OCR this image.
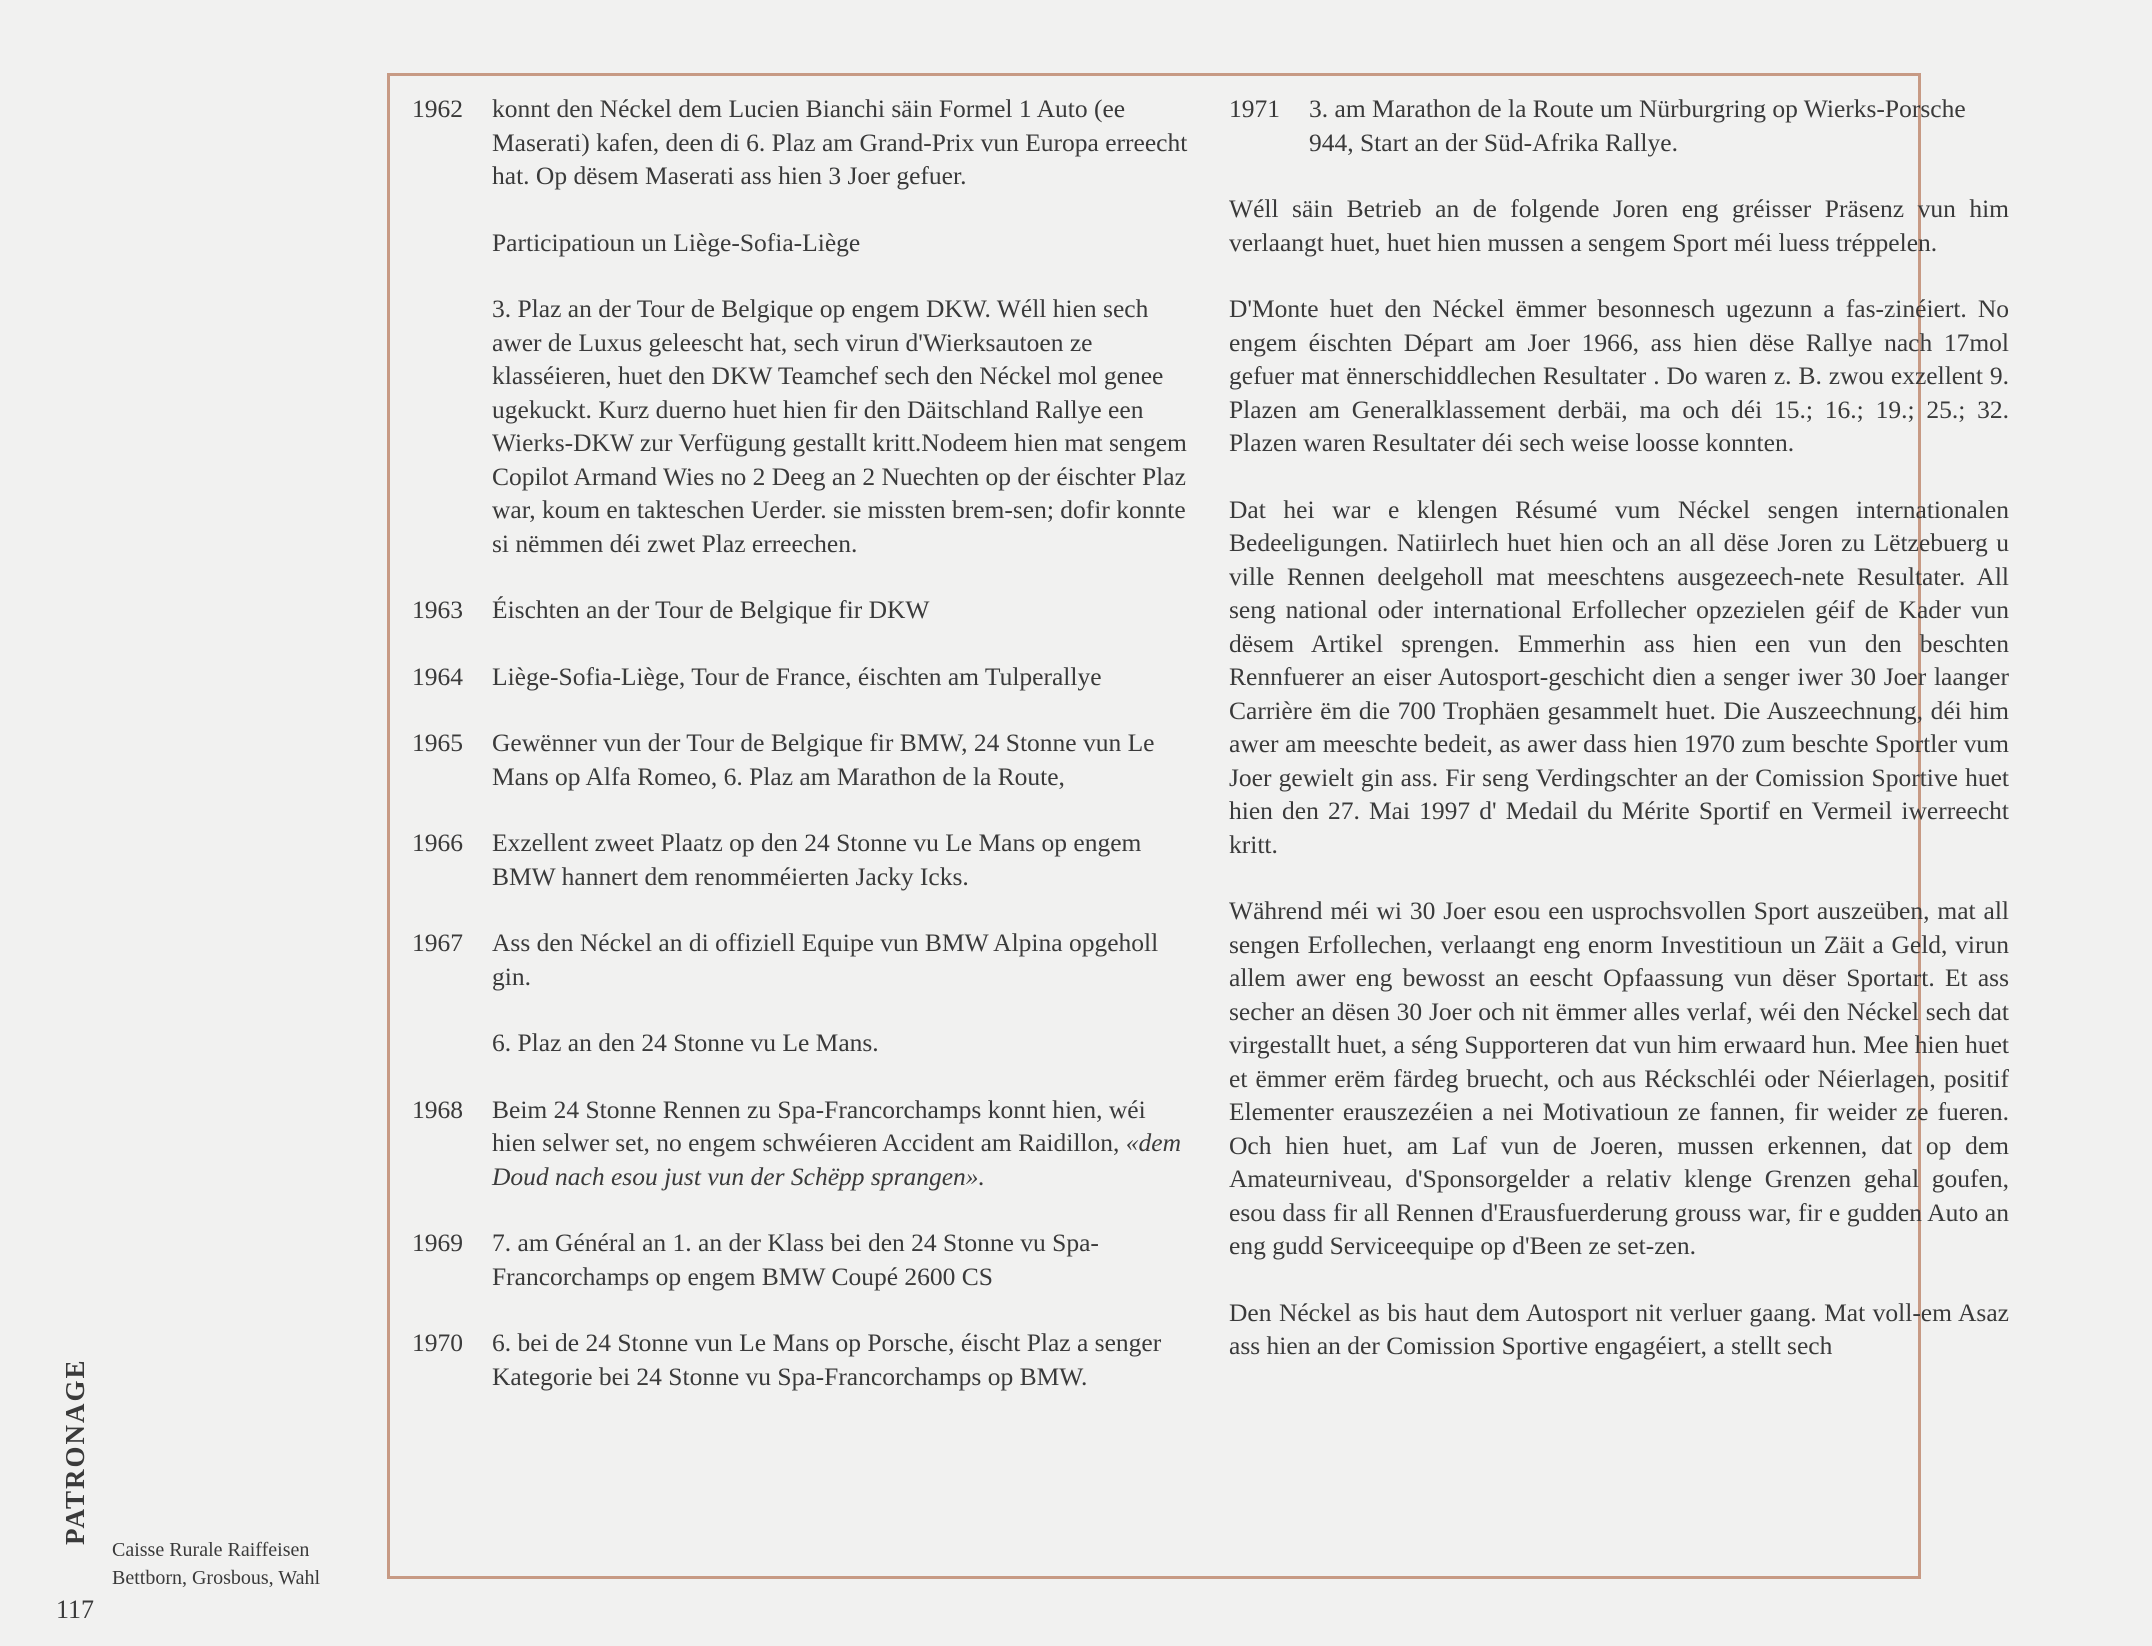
1962	konnt den Néckel dem Lucien Bianchi säin Formel 1 Auto (ee Maserati) kafen, deen di 6. Plaz am Grand-Prix vun Europa erreecht hat. Op dësem Maserati ass hien 3 Joer gefuer.

Participatioun un Liège-Sofia-Liège

3. Plaz an der Tour de Belgique op engem DKW. Wéll hien sech awer de Luxus geleescht hat, sech virun d'Wierksautoen ze klasséieren, huet den DKW Teamchef sech den Néckel mol genee ugekuckt. Kurz duerno huet hien fir den Däitschland Rallye een Wierks-DKW zur Verfügung gestallt kritt.Nodeem hien mat sengem Copilot Armand Wies no 2 Deeg an 2 Nuechten op der éischter Plaz war, koum en takteschen Uerder. sie missten brem-sen; dofir konnte si nëmmen déi zwet Plaz erreechen.

1963	Éischten an der Tour de Belgique fir DKW

1964	Liège-Sofia-Liège, Tour de France, éischten am Tulperallye

1965	Gewënner vun der Tour de Belgique fir BMW, 24 Stonne vun Le Mans op Alfa Romeo, 6. Plaz am Marathon de la Route,

1966	Exzellent zweet Plaatz op den 24 Stonne vu Le Mans op engem BMW hannert dem renomméierten Jacky Icks.

1967	Ass den Néckel an di offiziell Equipe vun BMW Alpina opgeholl gin.

6. Plaz an den 24 Stonne vu Le Mans.

1968	Beim 24 Stonne Rennen zu Spa-Francorchamps konnt hien, wéi hien selwer set, no engem schwéieren Accident am Raidillon, «dem Doud nach esou just vun der Schëpp sprangen».

1969	7. am Général an 1. an der Klass bei den 24 Stonne vu Spa-Francorchamps op engem BMW Coupé 2600 CS

1970	6. bei de 24 Stonne vun Le Mans op Porsche, éischt Plaz a senger Kategorie bei 24 Stonne vu Spa-Francorchamps op BMW.

1971	3. am Marathon de la Route um Nürburgring op Wierks-Porsche 944, Start an der Süd-Afrika Rallye.

Wéll säin Betrieb an de folgende Joren eng gréisser Präsenz vun him verlaangt huet, huet hien mussen a sengem Sport méi luess tréppelen.

D'Monte huet den Néckel ëmmer besonnesch ugezunn a fas-zinéiert. No engem éischten Départ am Joer 1966, ass hien dëse Rallye nach 17mol gefuer mat ënnerschiddlechen Resultater . Do waren z. B. zwou exzellent 9. Plazen am Generalklassement derbäi, ma och déi 15.; 16.; 19.; 25.; 32. Plazen waren Resultater déi sech weise loosse konnten.

Dat hei war e klengen Résumé vum Néckel sengen internationalen Bedeeligungen. Natiirlech huet hien och an all dëse Joren zu Lëtzebuerg u ville Rennen deelgeholl mat meeschtens ausgezeech-nete Resultater. All seng national oder international Erfollecher opzezielen géif de Kader vun dësem Artikel sprengen. Emmerhin ass hien een vun den beschten Rennfuerer an eiser Autosport-geschicht dien a senger iwer 30 Joer laanger Carrière ëm die 700 Trophäen gesammelt huet. Die Auszeechnung, déi him awer am meeschte bedeit, as awer dass hien 1970 zum beschte Sportler vum Joer gewielt gin ass. Fir seng Verdingschter an der Comission Sportive huet hien den 27. Mai 1997 d' Medail du Mérite Sportif en Vermeil iwerreecht kritt.

Während méi wi 30 Joer esou een usprochsvollen Sport auszeüben, mat all sengen Erfollechen, verlaangt eng enorm Investitioun un Zäit a Geld, virun allem awer eng bewosst an eescht Opfaassung vun dëser Sportart. Et ass secher an dësen 30 Joer och nit ëmmer alles verlaf, wéi den Néckel sech dat virgestallt huet, a séng Supporteren dat vun him erwaard hun. Mee hien huet et ëmmer erëm färdeg bruecht, och aus Réckschléi oder Néierlagen, positif Elementer erauszezéien a nei Motivatioun ze fannen, fir weider ze fueren. Och hien huet, am Laf vun de Joeren, mussen erkennen, dat op dem Amateurniveau, d'Sponsorgelder a relativ klenge Grenzen gehal goufen, esou dass fir all Rennen d'Erausfuerderung grouss war, fir e gudden Auto an eng gudd Serviceequipe op d'Been ze set-zen.

Den Néckel as bis haut dem Autosport nit verluer gaang. Mat voll-em Asaz ass hien an der Comission Sportive engagéiert, a stellt sech

PATRONAGE
Caisse Rurale Raiffeisen
Bettborn, Grosbous, Wahl
117
